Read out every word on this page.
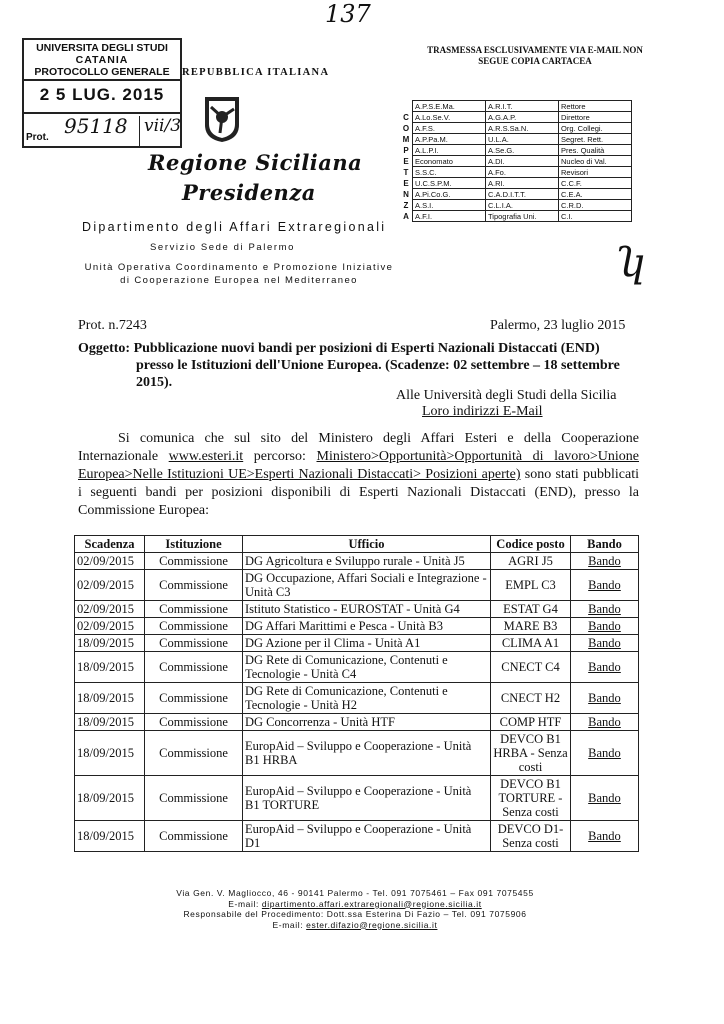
137
UNIVERSITA DEGLI STUDI
CATANIA
PROTOCOLLO GENERALE
2 5 LUG. 2015
Prot. 95118 vii/3
REPUBBLICA ITALIANA
TRASMESSA ESCLUSIVAMENTE VIA E-MAIL NON SEGUE COPIA CARTACEA
Regione Siciliana
Presidenza
Dipartimento degli Affari Extraregionali
Servizio Sede di Palermo
Unità Operativa Coordinamento e Promozione Iniziative di Cooperazione Europea nel Mediterraneo
	A.P.S.E.Ma.	A.R.I.T.	Rettore
C	A.Lo.Se.V.	A.G.A.P.	Direttore
O	A.F.S.	A.R.S.Sa.N.	Org. Collegi.
M	A.P.Pa.M.	U.L.A.	Segret. Rett.
P	A.L.P.I.	A.Se.G.	Pres. Qualità
E	Economato	A.DI.	Nucleo di Val.
T	S.S.C.	A.Fo.	Revisori
E	U.C.S.P.M.	A.RI.	C.C.F.
N	A.Pi.Co.G.	C.A.D.I.T.T.	C.E.A.
Z	A.S.I.	C.L.I.A.	C.R.D.
A	A.F.I.	Tipografia Uni.	C.I.
ʮ
Prot. n.7243	Palermo, 23 luglio 2015
Oggetto: Pubblicazione nuovi bandi per posizioni di Esperti Nazionali Distaccati (END)
presso le Istituzioni dell'Unione Europea. (Scadenze: 02 settembre – 18 settembre 2015).
Alle Università degli Studi della Sicilia
Loro indirizzi E-Mail
Si comunica che sul sito del Ministero degli Affari Esteri e della Cooperazione Internazionale www.esteri.it percorso: Ministero>Opportunità>Opportunità di lavoro>Unione Europea>Nelle Istituzioni UE>Esperti Nazionali Distaccati> Posizioni aperte) sono stati pubblicati i seguenti bandi per posizioni disponibili di Esperti Nazionali Distaccati (END), presso la Commissione Europea:
Scadenza	Istituzione	Ufficio	Codice posto	Bando
02/09/2015	Commissione	DG Agricoltura e Sviluppo rurale - Unità J5	AGRI J5	Bando
02/09/2015	Commissione	DG Occupazione, Affari Sociali e Integrazione - Unità C3	EMPL C3	Bando
02/09/2015	Commissione	Istituto Statistico - EUROSTAT - Unità G4	ESTAT G4	Bando
02/09/2015	Commissione	DG Affari Marittimi e Pesca - Unità B3	MARE B3	Bando
18/09/2015	Commissione	DG Azione per il Clima - Unità A1	CLIMA A1	Bando
18/09/2015	Commissione	DG Rete di Comunicazione, Contenuti e Tecnologie - Unità C4	CNECT C4	Bando
18/09/2015	Commissione	DG Rete di Comunicazione, Contenuti e Tecnologie - Unità H2	CNECT H2	Bando
18/09/2015	Commissione	DG Concorrenza - Unità HTF	COMP HTF	Bando
18/09/2015	Commissione	EuropAid – Sviluppo e Cooperazione - Unità B1 HRBA	DEVCO B1 HRBA - Senza costi	Bando
18/09/2015	Commissione	EuropAid – Sviluppo e Cooperazione - Unità B1 TORTURE	DEVCO B1 TORTURE - Senza costi	Bando
18/09/2015	Commissione	EuropAid – Sviluppo e Cooperazione - Unità D1	DEVCO D1- Senza costi	Bando
Via Gen. V. Magliocco, 46 - 90141 Palermo - Tel. 091 7075461 – Fax 091 7075455
E-mail: dipartimento.affari.extraregionali@regione.sicilia.it
Responsabile del Procedimento: Dott.ssa Esterina Di Fazio – Tel. 091 7075906
E-mail: ester.difazio@regione.sicilia.it
